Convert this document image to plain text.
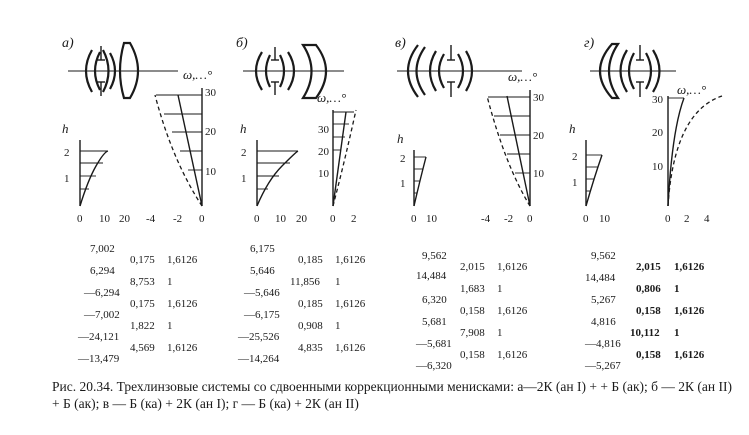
а)
h
2
1
0 10 20
ω,…°
30
20
10
-4 -2 0
б)
h
2
1
0 10 20
ω,…°
30
20
10
0 2
в)
h
2
1
0 10
ω,…°
30
20
10
-4 -2 0
г)
h
2
1
0 10
ω,…°
30
20
10
0 2 4
7,002
6,294
—6,294
—7,002
—24,121
—13,479
0,175 1,6126
8,753 1
0,175 1,6126
1,822 1
4,569 1,6126
6,175
5,646
—5,646
—6,175
—25,526
—14,264
0,185 1,6126
11,856 1
0,185 1,6126
0,908 1
4,835 1,6126
9,562
14,484
6,320
5,681
—5,681
—6,320
2,015 1,6126
1,683 1
0,158 1,6126
7,908 1
0,158 1,6126
9,562
14,484
5,267
4,816
—4,816
—5,267
2,015 1,6126
0,806 1
0,158 1,6126
10,112 1
0,158 1,6126
Рис. 20.34. Трехлинзовые системы со сдвоенными коррекционными менисками: а—2К (ан I) + + Б (ак); б — 2К (ан II) + Б (ак); в — Б (ка) + 2К (ан I); г — Б (ка) + 2К (ан II)
